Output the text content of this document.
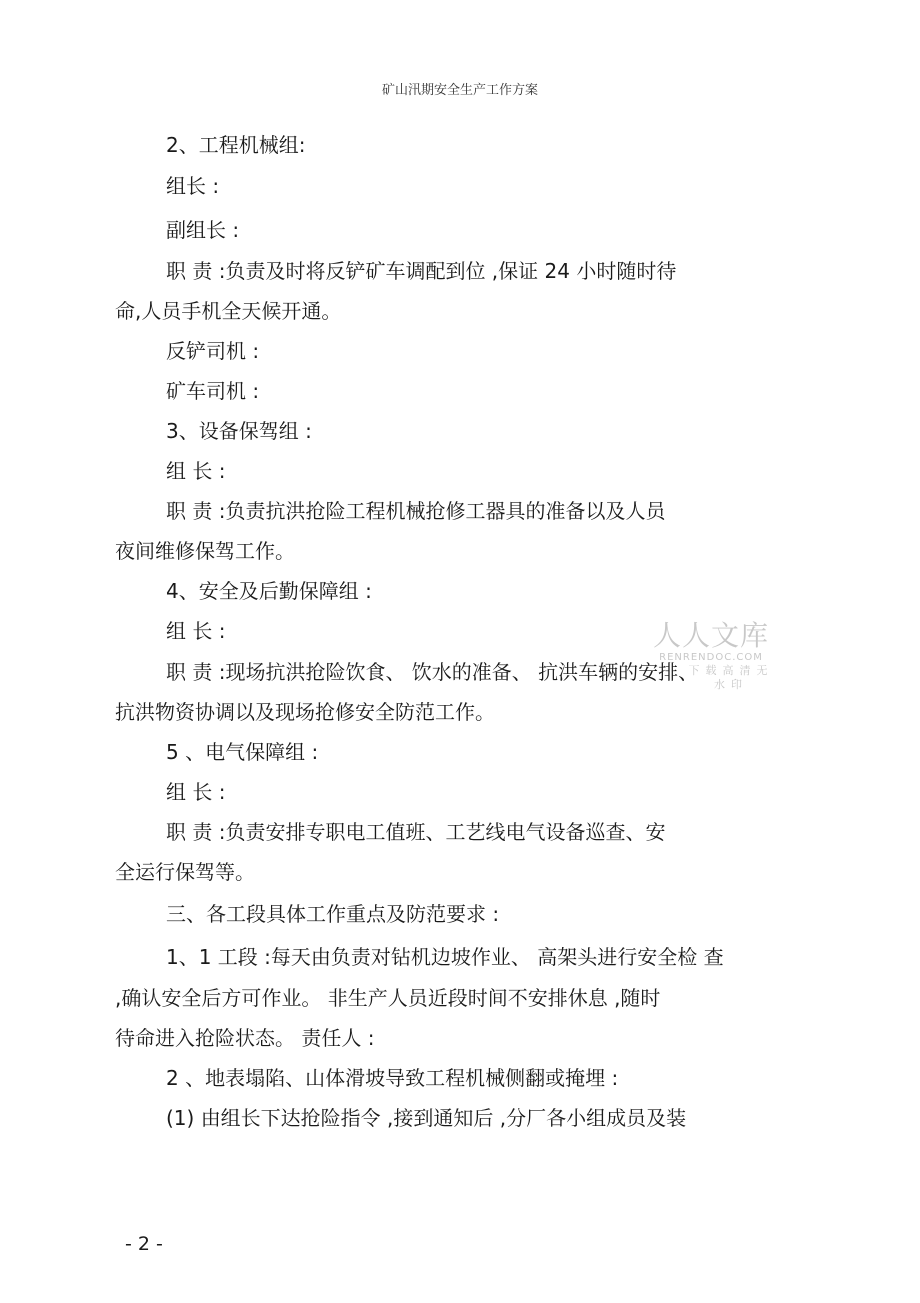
矿山汛期安全生产工作方案
2、工程机械组:
组长 :
副组长 :
职 责 :负责及时将反铲矿车调配到位 ,保证 24 小时随时待
命,人员手机全天候开通。
反铲司机 :
矿车司机 :
3、设备保驾组 :
组 长 :
职 责 :负责抗洪抢险工程机械抢修工器具的准备以及人员
夜间维修保驾工作。
4、安全及后勤保障组 :
组 长 :
职 责 :现场抗洪抢险饮食、 饮水的准备、 抗洪车辆的安排、
抗洪物资协调以及现场抢修安全防范工作。
5 、电气保障组 :
组 长 :
职 责 :负责安排专职电工值班、工艺线电气设备巡查、安
全运行保驾等。
三、各工段具体工作重点及防范要求 :
1、1 工段 :每天由负责对钻机边坡作业、 高架头进行安全检 查
,确认安全后方可作业。 非生产人员近段时间不安排休息 ,随时
待命进入抢险状态。 责任人 :
2 、地表塌陷、山体滑坡导致工程机械侧翻或掩埋 :
(1) 由组长下达抢险指令 ,接到通知后 ,分厂各小组成员及装
人人文库
RENRENDOC.COM
下载高清无水印
- 2 -
